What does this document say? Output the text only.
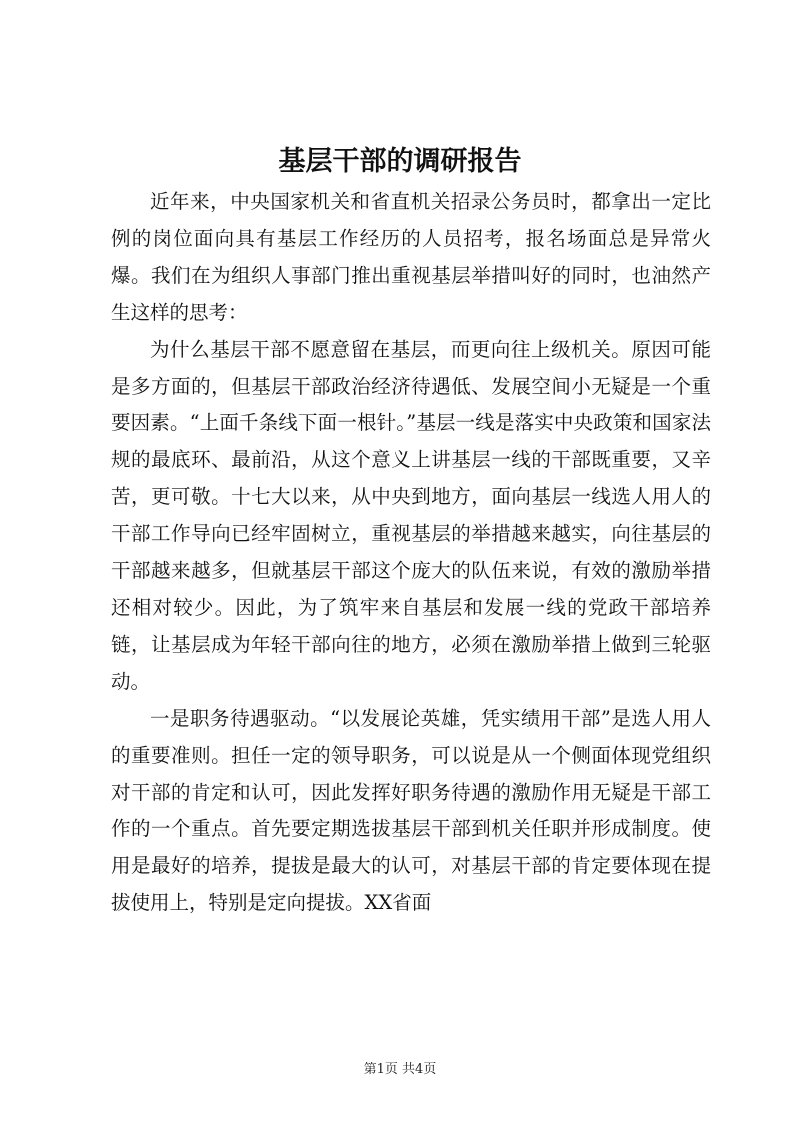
基层干部的调研报告

近年来，中央国家机关和省直机关招录公务员时，都拿出一定比例的岗位面向具有基层工作经历的人员招考，报名场面总是异常火爆。我们在为组织人事部门推出重视基层举措叫好的同时，也油然产生这样的思考：

为什么基层干部不愿意留在基层，而更向往上级机关。原因可能是多方面的，但基层干部政治经济待遇低、发展空间小无疑是一个重要因素。“上面千条线下面一根针。”基层一线是落实中央政策和国家法规的最底环、最前沿，从这个意义上讲基层一线的干部既重要，又辛苦，更可敬。十七大以来，从中央到地方，面向基层一线选人用人的干部工作导向已经牢固树立，重视基层的举措越来越实，向往基层的干部越来越多，但就基层干部这个庞大的队伍来说，有效的激励举措还相对较少。因此，为了筑牢来自基层和发展一线的党政干部培养链，让基层成为年轻干部向往的地方，必须在激励举措上做到三轮驱动。

一是职务待遇驱动。“以发展论英雄，凭实绩用干部”是选人用人的重要准则。担任一定的领导职务，可以说是从一个侧面体现党组织对干部的肯定和认可，因此发挥好职务待遇的激励作用无疑是干部工作的一个重点。首先要定期选拔基层干部到机关任职并形成制度。使用是最好的培养，提拔是最大的认可，对基层干部的肯定要体现在提拔使用上，特别是定向提拔。XX省面

第1页 共4页
